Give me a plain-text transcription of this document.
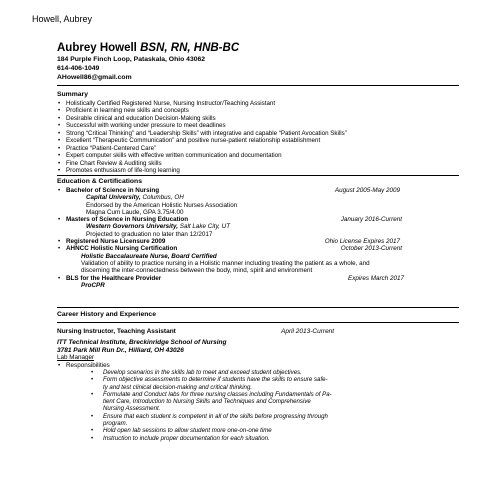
Howell, Aubrey
Aubrey Howell BSN, RN, HNB-BC
184 Purple Finch Loop, Pataskala, Ohio 43062
614-406-1049
AHowell86@gmail.com
Summary
• Holistically Certified Registered Nurse, Nursing Instructor/Teaching Assistant
• Proficient in learning new skills and concepts
• Desirable clinical and education Decision-Making skills
• Successful with working under pressure to meet deadlines
• Strong “Critical Thinking” and “Leadership Skills” with integrative and capable “Patient Avocation Skills”
• Excellent “Therapeutic Communication” and positive nurse-patient relationship establishment
• Practice “Patient-Centered Care”
• Expert computer skills with effective written communication and documentation
• Fine Chart Review & Auditing skills
• Promotes enthusiasm of life-long learning
Education & Certifications
• Bachelor of Science in Nursing	August 2005-May 2009
Capital University, Columbus, OH
Endorsed by the American Holistic Nurses Association
Magna Cum Laude, GPA 3.75/4.00
• Masters of Science in Nursing Education	January 2016-Current
Western Governors University, Salt Lake City, UT
Projected to graduation no later than 12/2017
• Registered Nurse Licensure 2009	Ohio License Expires 2017
• AHNCC Holistic Nursing Certification	October 2013-Current
Holistic Baccalaureate Nurse, Board Certified
Validation of ability to practice nursing in a Holistic manner including treating the patient as a whole, and
discerning the inter-connectedness between the body, mind, spirit and environment
• BLS for the Healthcare Provider	Expires March 2017
ProCPR
Career History and Experience
Nursing Instructor, Teaching Assistant	April 2013-Current
ITT Technical Institute, Breckinridge School of Nursing
3781 Park Mill Run Dr., Hilliard, OH 43026
Lab Manager
• Responsibilities
• Develop scenarios in the skills lab to meet and exceed student objectives.
• Form objective assessments to determine if students have the skills to ensure safe-
ty and test clinical decision-making and critical thinking.
• Formulate and Conduct labs for three nursing classes including Fundamentals of Pa-
tient Care, Introduction to Nursing Skills and Techniques and Comprehensive
Nursing Assessment.
• Ensure that each student is competent in all of the skills before progressing through
program.
• Hold open lab sessions to allow student more one-on-one time
• Instruction to include proper documentation for each situation.
